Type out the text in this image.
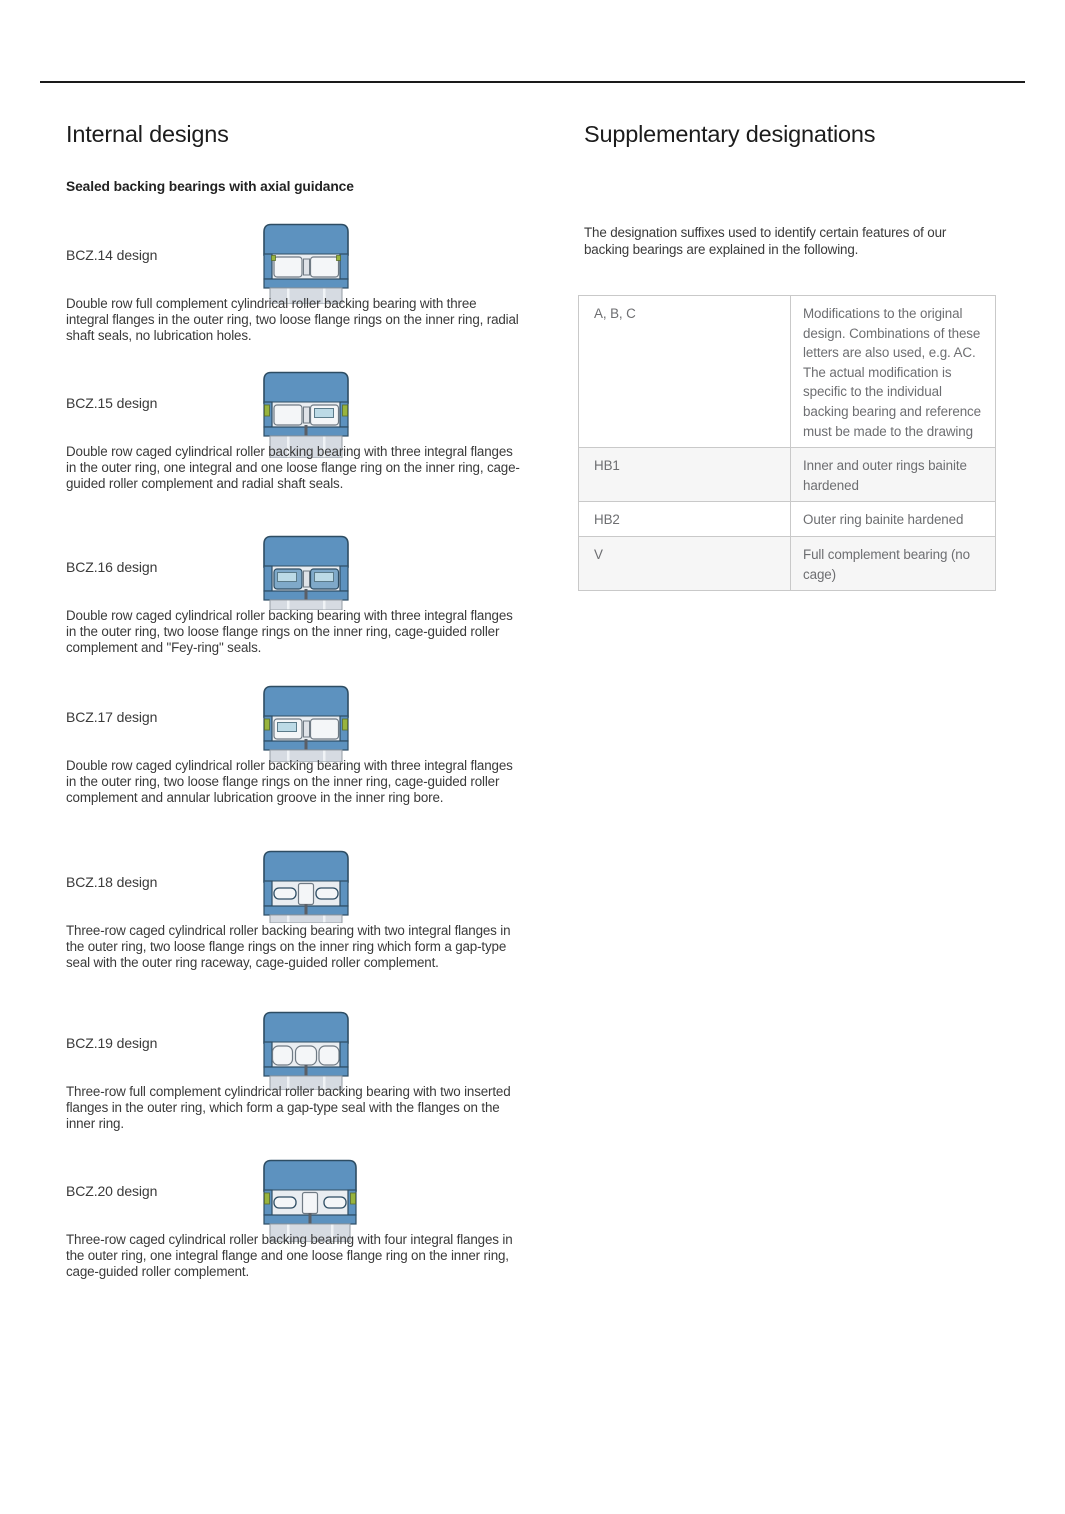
Internal designs
Sealed backing bearings with axial guidance
BCZ.14 design

Double row full complement cylindrical roller backing bearing with three integral flanges in the outer ring, two loose flange rings on the inner ring, radial shaft seals, no lubrication holes.

BCZ.15 design

Double row caged cylindrical roller backing bearing with three integral flanges in the outer ring, one integral and one loose flange ring on the inner ring, cage-guided roller complement and radial shaft seals.

BCZ.16 design

Double row caged cylindrical roller backing bearing with three integral flanges in the outer ring, two loose flange rings on the inner ring, cage-guided roller complement and "Fey-ring" seals.

BCZ.17 design

Double row caged cylindrical roller backing bearing with three integral flanges in the outer ring, two loose flange rings on the inner ring, cage-guided roller complement and annular lubrication groove in the inner ring bore.

BCZ.18 design

Three-row caged cylindrical roller backing bearing with two integral flanges in the outer ring, two loose flange rings on the inner ring which form a gap-type seal with the outer ring raceway, cage-guided roller complement.

BCZ.19 design

Three-row full complement cylindrical roller backing bearing with two inserted flanges in the outer ring, which form a gap-type seal with the flanges on the inner ring.

BCZ.20 design

Three-row caged cylindrical roller backing bearing with four integral flanges in the outer ring, one integral flange and one loose flange ring on the inner ring, cage-guided roller complement.

Supplementary designations

The designation suffixes used to identify certain features of our backing bearings are explained in the following.

A, B, C	Modifications to the original design. Combinations of these letters are also used, e.g. AC. The actual modification is specific to the individual backing bearing and reference must be made to the drawing
HB1	Inner and outer rings bainite hardened
HB2	Outer ring bainite hardened
V	Full complement bearing (no cage)
